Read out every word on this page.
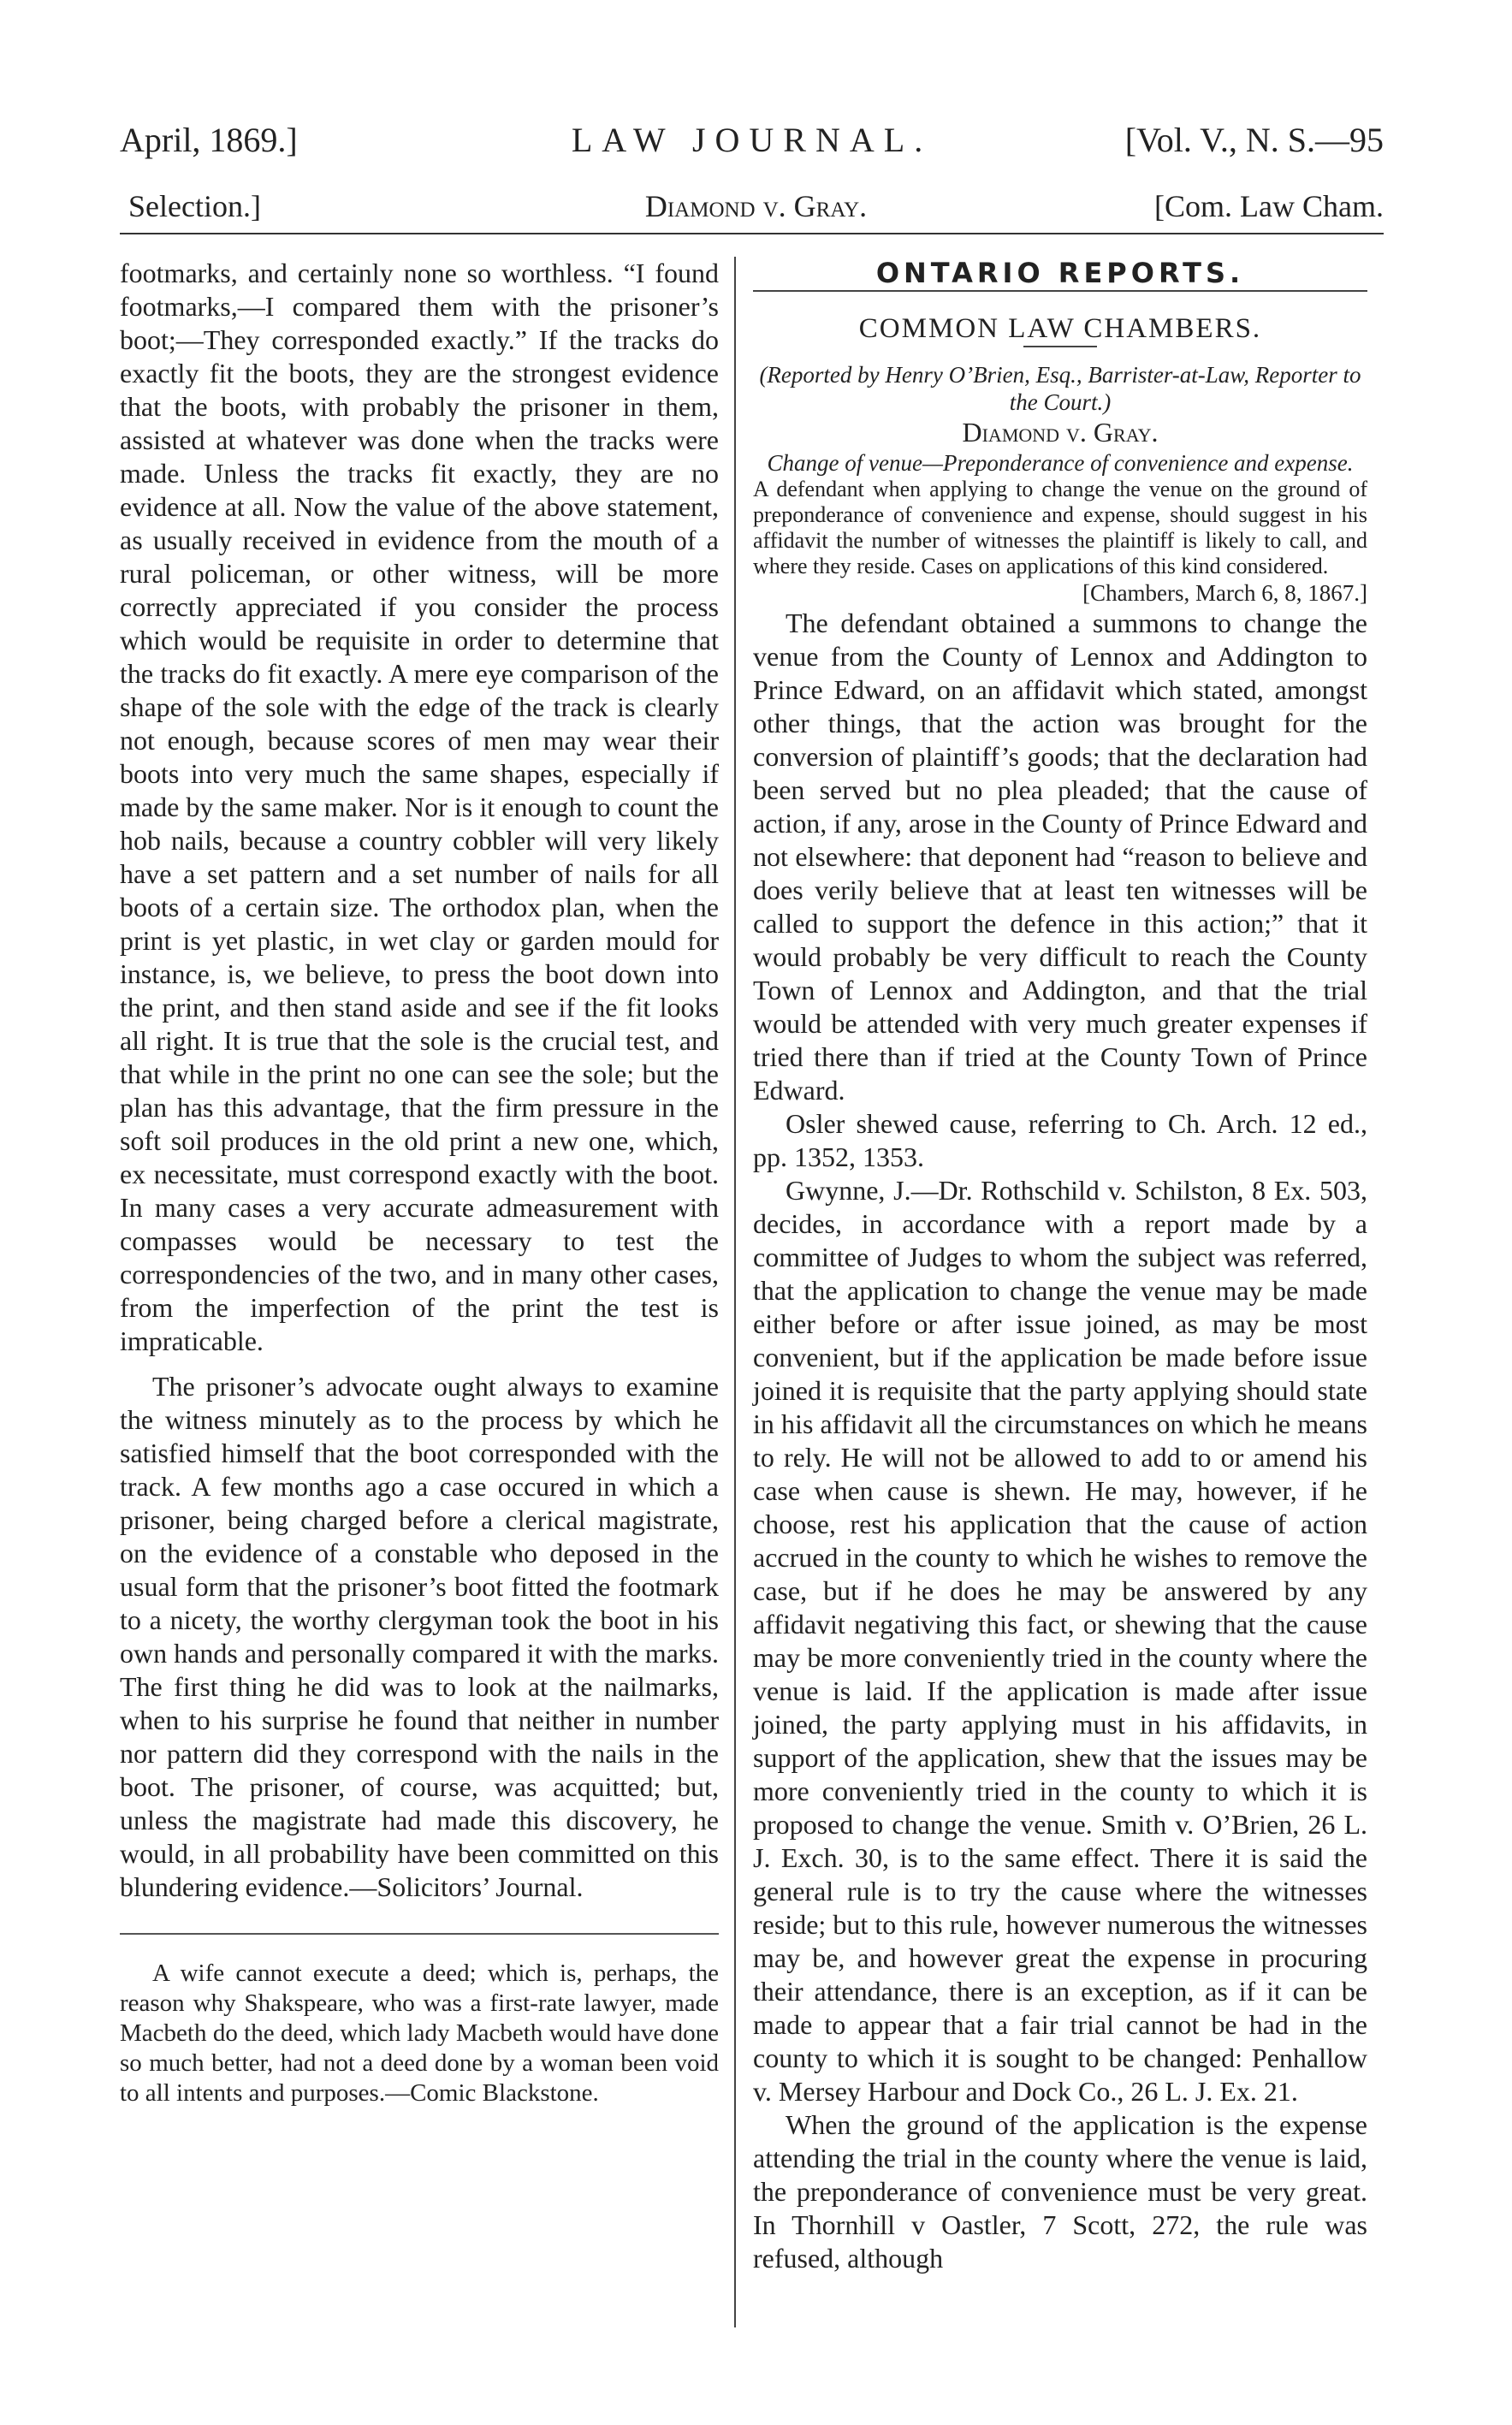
April, 1869.]	LAW JOURNAL.	[Vol. V., N. S.—95
Selection.]	Diamond v. Gray.	[Com. Law Cham.

footmarks, and certainly none so worthless. “I found footmarks,—I compared them with the prisoner’s boot;—They corresponded exactly.” If the tracks do exactly fit the boots, they are the strongest evidence that the boots, with probably the prisoner in them, assisted at whatever was done when the tracks were made. Unless the tracks fit exactly, they are no evidence at all. Now the value of the above statement, as usually received in evidence from the mouth of a rural policeman, or other witness, will be more correctly appreciated if you consider the process which would be requisite in order to determine that the tracks do fit exactly. A mere eye comparison of the shape of the sole with the edge of the track is clearly not enough, because scores of men may wear their boots into very much the same shapes, especially if made by the same maker. Nor is it enough to count the hob nails, because a country cobbler will very likely have a set pattern and a set number of nails for all boots of a certain size. The orthodox plan, when the print is yet plastic, in wet clay or garden mould for instance, is, we believe, to press the boot down into the print, and then stand aside and see if the fit looks all right. It is true that the sole is the crucial test, and that while in the print no one can see the sole; but the plan has this advantage, that the firm pressure in the soft soil produces in the old print a new one, which, ex necessitate, must correspond exactly with the boot. In many cases a very accurate admeasurement with compasses would be necessary to test the correspondencies of the two, and in many other cases, from the imperfection of the print the test is impraticable.

The prisoner’s advocate ought always to examine the witness minutely as to the process by which he satisfied himself that the boot corresponded with the track. A few months ago a case occured in which a prisoner, being charged before a clerical magistrate, on the evidence of a constable who deposed in the usual form that the prisoner’s boot fitted the footmark to a nicety, the worthy clergyman took the boot in his own hands and personally compared it with the marks. The first thing he did was to look at the nailmarks, when to his surprise he found that neither in number nor pattern did they correspond with the nails in the boot. The prisoner, of course, was acquitted; but, unless the magistrate had made this discovery, he would, in all probability have been committed on this blundering evidence.—Solicitors’ Journal.

A wife cannot execute a deed; which is, perhaps, the reason why Shakspeare, who was a first-rate lawyer, made Macbeth do the deed, which lady Macbeth would have done so much better, had not a deed done by a woman been void to all intents and purposes.—Comic Blackstone.

ONTARIO REPORTS.

COMMON LAW CHAMBERS.

(Reported by Henry O’Brien, Esq., Barrister-at-Law, Reporter to the Court.)

Diamond v. Gray.

Change of venue—Preponderance of convenience and expense.

A defendant when applying to change the venue on the ground of preponderance of convenience and expense, should suggest in his affidavit the number of witnesses the plaintiff is likely to call, and where they reside. Cases on applications of this kind considered.

[Chambers, March 6, 8, 1867.]

The defendant obtained a summons to change the venue from the County of Lennox and Addington to Prince Edward, on an affidavit which stated, amongst other things, that the action was brought for the conversion of plaintiff’s goods; that the declaration had been served but no plea pleaded; that the cause of action, if any, arose in the County of Prince Edward and not elsewhere: that deponent had “reason to believe and does verily believe that at least ten witnesses will be called to support the defence in this action;” that it would probably be very difficult to reach the County Town of Lennox and Addington, and that the trial would be attended with very much greater expenses if tried there than if tried at the County Town of Prince Edward.

Osler shewed cause, referring to Ch. Arch. 12 ed., pp. 1352, 1353.

Gwynne, J.—Dr. Rothschild v. Schilston, 8 Ex. 503, decides, in accordance with a report made by a committee of Judges to whom the subject was referred, that the application to change the venue may be made either before or after issue joined, as may be most convenient, but if the application be made before issue joined it is requisite that the party applying should state in his affidavit all the circumstances on which he means to rely. He will not be allowed to add to or amend his case when cause is shewn. He may, however, if he choose, rest his application that the cause of action accrued in the county to which he wishes to remove the case, but if he does he may be answered by any affidavit negativing this fact, or shewing that the cause may be more conveniently tried in the county where the venue is laid. If the application is made after issue joined, the party applying must in his affidavits, in support of the application, shew that the issues may be more conveniently tried in the county to which it is proposed to change the venue. Smith v. O’Brien, 26 L. J. Exch. 30, is to the same effect. There it is said the general rule is to try the cause where the witnesses reside; but to this rule, however numerous the witnesses may be, and however great the expense in procuring their attendance, there is an exception, as if it can be made to appear that a fair trial cannot be had in the county to which it is sought to be changed: Penhallow v. Mersey Harbour and Dock Co., 26 L. J. Ex. 21.

When the ground of the application is the expense attending the trial in the county where the venue is laid, the preponderance of convenience must be very great. In Thornhill v Oastler, 7 Scott, 272, the rule was refused, although
